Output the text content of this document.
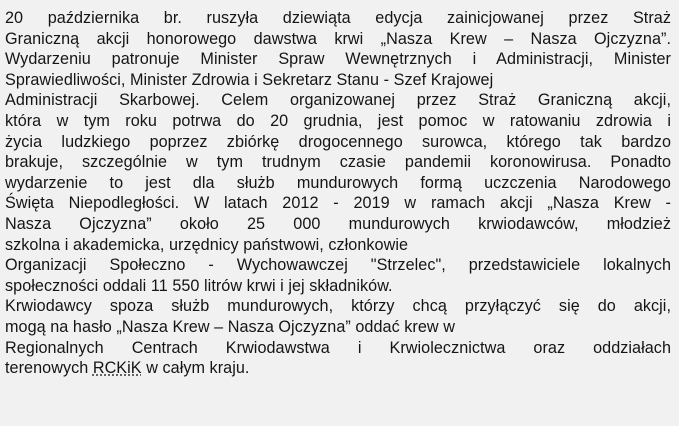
20 października br. ruszyła dziewiąta edycja zainicjowanej przez Straż
Graniczną akcji honorowego dawstwa krwi „Nasza Krew – Nasza Ojczyzna”.
Wydarzeniu patronuje Minister Spraw Wewnętrznych i Administracji, Minister
Sprawiedliwości, Minister Zdrowia i Sekretarz Stanu - Szef Krajowej
Administracji Skarbowej. Celem organizowanej przez Straż Graniczną akcji,
która w tym roku potrwa do 20 grudnia, jest pomoc w ratowaniu zdrowia i
życia ludzkiego poprzez zbiórkę drogocennego surowca, którego tak bardzo
brakuje, szczególnie w tym trudnym czasie pandemii koronowirusa. Ponadto
wydarzenie to jest dla służb mundurowych formą uczczenia Narodowego
Święta Niepodległości. W latach 2012 - 2019 w ramach akcji „Nasza Krew -
Nasza Ojczyzna” około 25 000 mundurowych krwiodawców, młodzież
szkolna i akademicka, urzędnicy państwowi, członkowie
Organizacji Społeczno - Wychowawczej "Strzelec", przedstawiciele lokalnych
społeczności oddali 11 550 litrów krwi i jej składników.
Krwiodawcy spoza służb mundurowych, którzy chcą przyłączyć się do akcji,
mogą na hasło „Nasza Krew – Nasza Ojczyzna” oddać krew w
Regionalnych Centrach Krwiodawstwa i Krwiolecznictwa oraz oddziałach
terenowych RCKiK w całym kraju.
